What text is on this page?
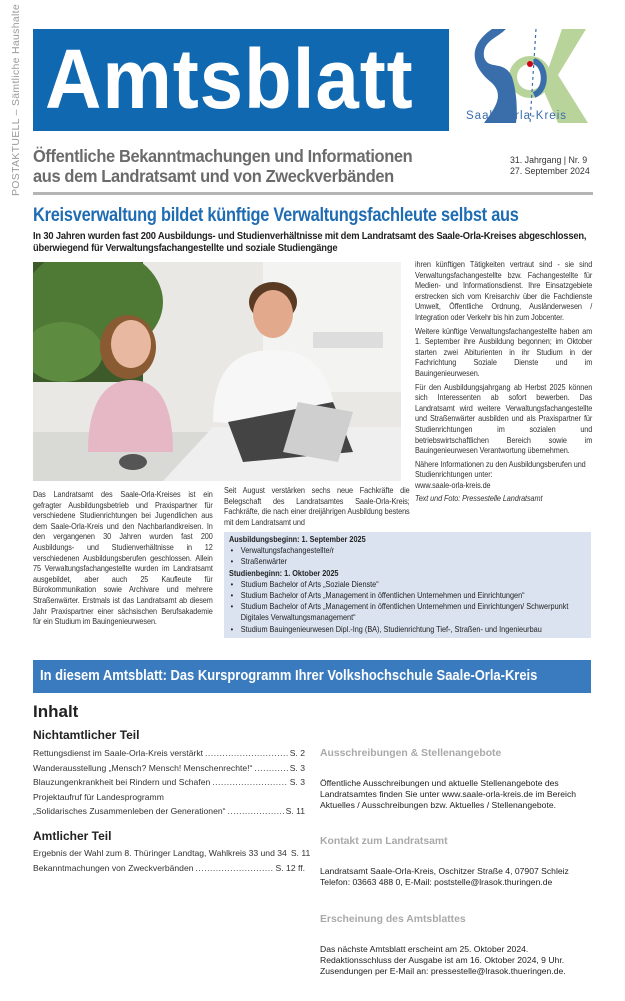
POSTAKTUELL – Sämtliche Haushalte Amtsblatt	Saale-Orla-Kreis
Öffentliche Bekanntmachungen und Informationen
aus dem Landratsamt und von Zweckverbänden
31. Jahrgang | Nr. 9
27. September 2024
Kreisverwaltung bildet künftige Verwaltungsfachleute selbst aus
In 30 Jahren wurden fast 200 Ausbildungs- und Studienverhältnisse mit dem Landratsamt des Saale-Orla-Kreises abgeschlossen, überwiegend für Verwaltungsfachangestellte und soziale Studiengänge

ihren künftigen Tätigkeiten vertraut sind - sie sind Verwaltungsfachangestellte bzw. Fachangestellte für Medien- und Informationsdienst. Ihre Einsatzgebiete erstrecken sich vom Kreisarchiv über die Fachdienste Umwelt, Öffentliche Ordnung, Ausländerwesen / Integration oder Verkehr bis hin zum Jobcenter.

Weitere künftige Verwaltungsfachangestellte haben am 1. September ihre Ausbildung begonnen; im Oktober starten zwei Abiturienten in ihr Studium in der Fachrichtung Soziale Dienste und im Bauingenieurwesen.

Für den Ausbildungsjahrgang ab Herbst 2025 können sich Interessenten ab sofort bewerben. Das Landratsamt wird weitere Verwaltungsfachangestellte und Straßenwärter ausbilden und als Praxispartner für Studienrichtungen im sozialen und betriebswirtschaftlichen Bereich sowie im Bauingenieurwesen Verantwortung übernehmen.

Nähere Informationen zu den Ausbildungsberufen und Studienrichtungen unter:

www.saale-orla-kreis.de

Text und Foto: Pressestelle Landratsamt

Das Landratsamt des Saale-Orla-Kreises ist ein gefragter Ausbildungsbetrieb und Praxispartner für verschiedene Studienrichtungen bei Jugendlichen aus dem Saale-Orla-Kreis und den Nachbarlandkreisen. In den vergangenen 30 Jahren wurden fast 200 Ausbildungs- und Studienverhältnisse in 12 verschiedenen Ausbildungsberufen geschlossen. Allein 75 Verwaltungsfachangestellte wurden im Landratsamt ausgebildet, aber auch 25 Kaufleute für Bürokommunikation sowie Archivare und mehrere Straßenwärter. Erstmals ist das Landratsamt ab diesem Jahr Praxispartner einer sächsischen Berufsakademie für ein Studium im Bauingenieurwesen.

Seit August verstärken sechs neue Fachkräfte die Belegschaft des Landratsamtes Saale-Orla-Kreis; Fachkräfte, die nach einer dreijährigen Ausbildung bestens mit dem Landratsamt und

Ausbildungsbeginn: 1. September 2025
• Verwaltungsfachangestellte/r
• Straßenwärter
Studienbeginn: 1. Oktober 2025
• Studium Bachelor of Arts „Soziale Dienste“
• Studium Bachelor of Arts „Management in öffentlichen Unternehmen und Einrichtungen“
• Studium Bachelor of Arts „Management in öffentlichen Unternehmen und Einrichtungen/ Schwerpunkt Digitales Verwaltungsmanagement“
• Studium Bauingenieurwesen Dipl.-Ing (BA), Studienrichtung Tief-, Straßen- und Ingenieurbau
In diesem Amtsblatt: Das Kursprogramm Ihrer Volkshochschule Saale-Orla-Kreis
Inhalt
Nichtamtlicher Teil
Rettungsdienst im Saale-Orla-Kreis verstärkt .....	S. 2
Wanderausstellung „Mensch? Mensch! Menschenrechte!“ .....	S. 3
Blauzungenkrankheit bei Rindern und Schafen .....	S. 3
Projektaufruf für Landesprogramm
„Solidarisches Zusammenleben der Generationen“ .....	S. 11
Amtlicher Teil
Ergebnis der Wahl zum 8. Thüringer Landtag, Wahlkreis 33 und 34 S. 11
Bekanntmachungen von Zweckverbänden .....	S. 12 ff.

Ausschreibungen & Stellenangebote

Öffentliche Ausschreibungen und aktuelle Stellenangebote des Landratsamtes finden Sie unter www.saale-orla-kreis.de im Bereich Aktuelles / Ausschreibungen bzw. Aktuelles / Stellenangebote.

Kontakt zum Landratsamt

Landratsamt Saale-Orla-Kreis, Oschitzer Straße 4, 07907 Schleiz
Telefon: 03663 488 0, E-Mail: poststelle@lrasok.thuringen.de

Erscheinung des Amtsblattes

Das nächste Amtsblatt erscheint am 25. Oktober 2024.
Redaktionsschluss der Ausgabe ist am 16. Oktober 2024, 9 Uhr.
Zusendungen per E-Mail an: pressestelle@lrasok.thueringen.de.
